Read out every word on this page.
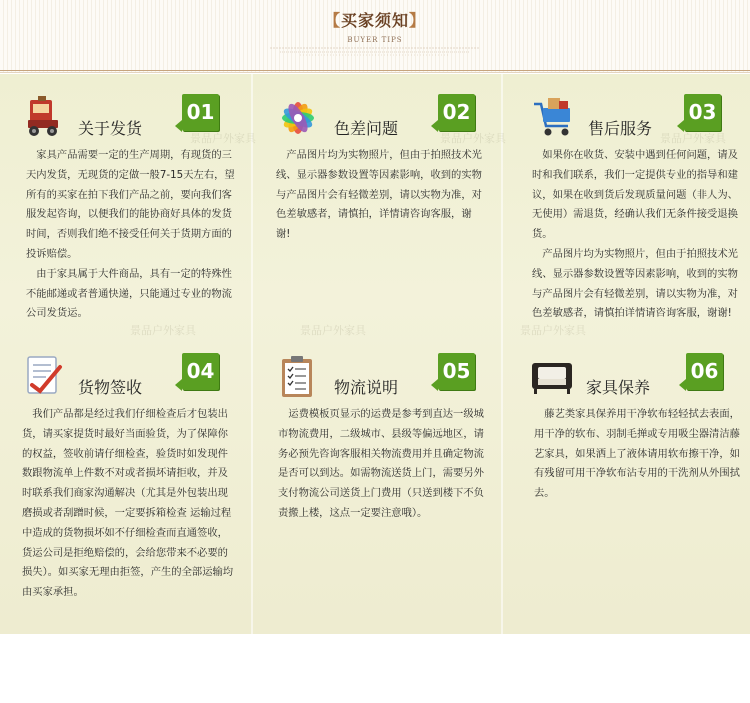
【买家须知】
BUYER TIPS
景品户外家具	景品户外家具	景品户外家具
景品户外家具	景品户外家具	景品户外家具
关于发货
01

家具产品需要一定的生产周期，有现货的三天内发货，无现货的定做一般7-15天左右，望所有的买家在拍下我们产品之前，要向我们客服发起咨询，以便我们的能协商好具体的发货时间，否则我们绝不接受任何关于货期方面的投诉赔偿。

由于家具属于大件商品，具有一定的特殊性不能邮递或者普通快递，只能通过专业的物流公司发货运。

色差问题
02

产品图片均为实物照片，但由于拍照技术光线、显示器参数设置等因素影响，收到的实物与产品图片会有轻微差别，请以实物为准，对色差敏感者，请慎拍，详情请咨询客服，谢谢!

售后服务
03

如果你在收货、安装中遇到任何问题，请及时和我们联系，我们一定提供专业的指导和建议，如果在收到货后发现质量问题（非人为、无使用）需退货，经确认我们无条件接受退换货。

产品图片均为实物照片，但由于拍照技术光线、显示器参数设置等因素影响，收到的实物与产品图片会有轻微差别，请以实物为准，对色差敏感者，请慎拍详情请咨询客服，谢谢!

货物签收
04

我们产品都是经过我们仔细检查后才包装出货，请买家提货时最好当面验货，为了保障你的权益，签收前请仔细检查，验货时如发现件数跟物流单上件数不对或者损坏请拒收，并及时联系我们商家沟通解决（尤其是外包装出现磨损或者刮蹭时候，一定要拆箱检查 运输过程中造成的货物损坏如不仔细检查而直通签收，货运公司是拒绝赔偿的，会给您带来不必要的损失）。如买家无理由拒签，产生的全部运输均由买家承担。

物流说明
05

运费模板页显示的运费是参考到直达一级城市物流费用，二级城市、县级等偏远地区，请务必预先咨询客服相关物流费用并且确定物流是否可以到达。如需物流送货上门，需要另外支付物流公司送货上门费用（只送到楼下不负责搬上楼，这点一定要注意哦）。

家具保养
06

藤艺类家具保养用干净软布轻轻拭去表面，用干净的软布、羽制毛掸或专用吸尘器清洁藤艺家具，如果洒上了液体请用软布擦干净，如有残留可用干净软布沾专用的干洗剂从外围拭去。
